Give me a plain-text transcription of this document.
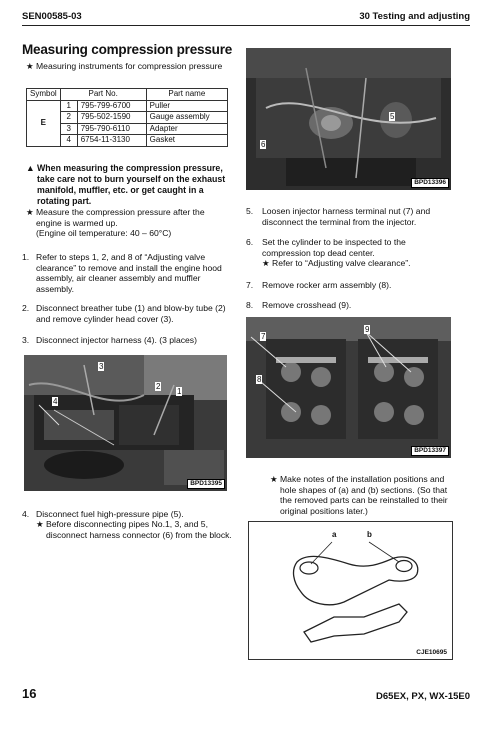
SEN00585-03	30 Testing and adjusting
Measuring compression pressure
★ Measuring instruments for compression pressure
Symbol	Part No.		Part name
E	1	795-799-6700	Puller
	2	795-502-1590	Gauge assembly
	3	795-790-6110	Adapter
	4	6754-11-3130	Gasket
▲ When measuring the compression pressure, take care not to burn yourself on the exhaust manifold, muffler, etc. or get caught in a rotating part.
★ Measure the compression pressure after the engine is warmed up.
(Engine oil temperature: 40 – 60°C)
1. Refer to steps 1, 2, and 8 of “Adjusting valve clearance” to remove and install the engine hood assembly, air cleaner assembly and muffler assembly.
2. Disconnect breather tube (1) and blow-by tube (2) and remove cylinder head cover (3).
3. Disconnect injector harness (4). (3 places)
3
2
1
4
BPD13395
4. Disconnect fuel high-pressure pipe (5).
★ Before disconnecting pipes No.1, 3, and 5, disconnect harness connector (6) from the block.
5
6
BPD13396
5. Loosen injector harness terminal nut (7) and disconnect the terminal from the injector.
6. Set the cylinder to be inspected to the compression top dead center.
★ Refer to “Adjusting valve clearance”.
7. Remove rocker arm assembly (8).
8. Remove crosshead (9).
7
9
8
BPD13397
★ Make notes of the installation positions and hole shapes of (a) and (b) sections. (So that the removed parts can be reinstalled to their original positions later.)
a	b
CJE10695
16	D65EX, PX, WX-15E0
